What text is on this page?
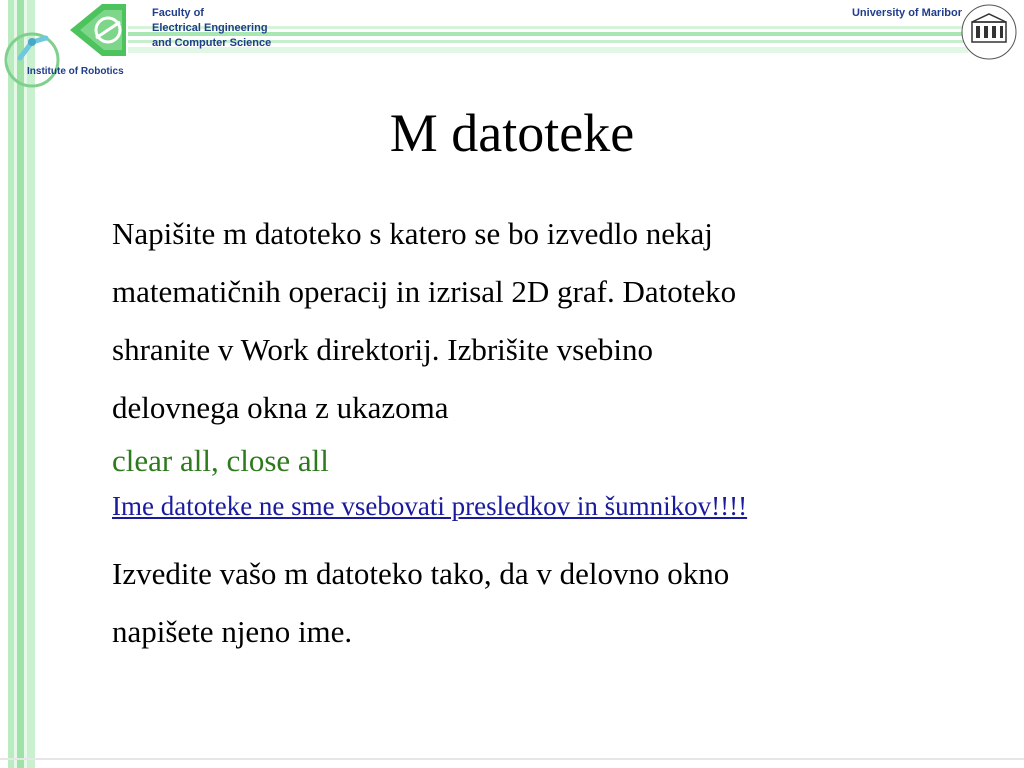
Institute of Robotics
Faculty of
Electrical Engineering
and Computer Science
University of Maribor
M datoteke
Napišite m datoteko s katero se bo izvedlo nekaj
matematičnih operacij in izrisal 2D graf. Datoteko
shranite v Work direktorij. Izbrišite vsebino
delovnega okna z ukazoma
clear all, close all
Ime datoteke ne sme vsebovati presledkov in šumnikov!!!!
Izvedite vašo m datoteko tako, da v delovno okno
napišete njeno ime.
